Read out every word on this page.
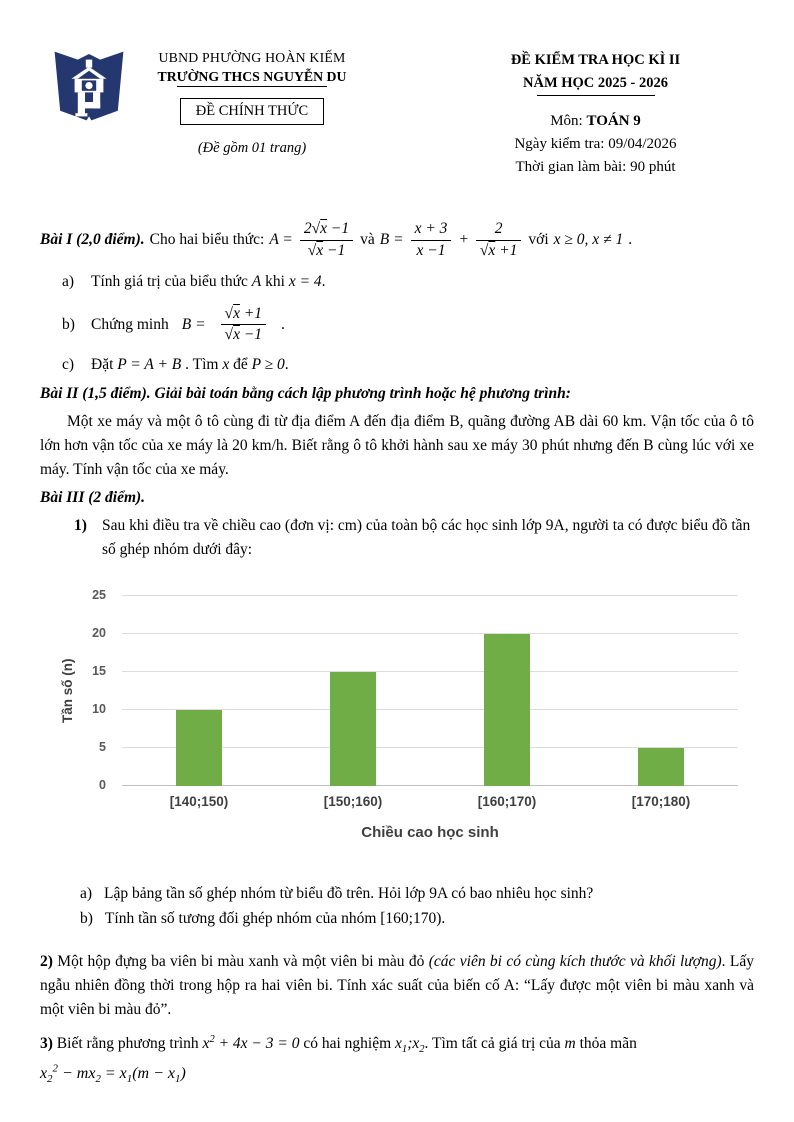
UBND PHƯỜNG HOÀN KIẾM
TRƯỜNG THCS NGUYỄN DU
ĐỀ CHÍNH THỨC
(Đề gồm 01 trang)
ĐỀ KIỂM TRA HỌC KÌ II
NĂM HỌC 2025 - 2026
Môn: TOÁN 9
Ngày kiểm tra: 09/04/2026
Thời gian làm bài: 90 phút
Bài I (2,0 điểm). Cho hai biểu thức: $A = \frac{2√x -1}{√x -1}$ và $B = \frac{x + 3}{x -1} + \frac{2}{√x +1}$ với x ≥ 0, x ≠ 1 .
a) Tính giá trị của biểu thức A khi x = 4.
b) Chứng minh $B = \frac{√x +1}{√x -1}$ .
c) Đặt P = A + B . Tìm x để P ≥ 0.
Bài II (1,5 điểm). Giải bài toán bằng cách lập phương trình hoặc hệ phương trình:

Một xe máy và một ô tô cùng đi từ địa điểm A đến địa điểm B, quãng đường AB dài 60 km. Vận tốc của ô tô lớn hơn vận tốc của xe máy là 20 km/h. Biết rằng ô tô khởi hành sau xe máy 30 phút nhưng đến B cùng lúc với xe máy. Tính vận tốc của xe máy.

Bài III (2 điểm).
1) Sau khi điều tra về chiều cao (đơn vị: cm) của toàn bộ các học sinh lớp 9A, người ta có được biểu đồ tần số ghép nhóm dưới đây:
Tần số (n)
0
5
10
15
20
25
[140;150)	[150;160)	[160;170)	[170;180)
Chiều cao học sinh
a) Lập bảng tần số ghép nhóm từ biểu đồ trên. Hỏi lớp 9A có bao nhiêu học sinh?
b) Tính tần số tương đối ghép nhóm của nhóm [160;170).

2) Một hộp đựng ba viên bi màu xanh và một viên bi màu đỏ (các viên bi có cùng kích thước và khối lượng). Lấy ngẫu nhiên đồng thời trong hộp ra hai viên bi. Tính xác suất của biến cố A: “Lấy được một viên bi màu xanh và một viên bi màu đỏ”.

3) Biết rằng phương trình $x^2 + 4x - 3 = 0$ có hai nghiệm $x_1;x_2$. Tìm tất cả giá trị của m thỏa mãn

$x_2^2 - mx_2 = x_1(m - x_1)$
